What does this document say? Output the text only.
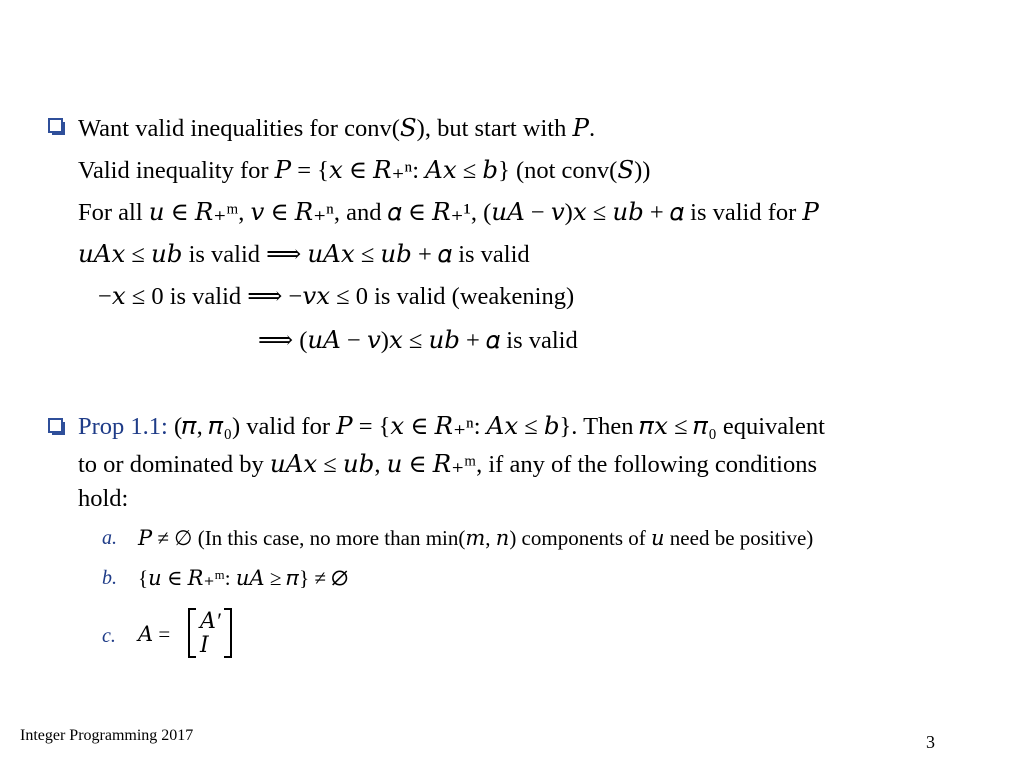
Want valid inequalities for conv(𝑆), but start with 𝑃.
Valid inequality for 𝑃 = {𝑥 ∈ 𝑅₊ⁿ: 𝐴𝑥 ≤ 𝑏} (not conv(𝑆))
For all 𝑢 ∈ 𝑅₊ᵐ, 𝑣 ∈ 𝑅₊ⁿ, and 𝛼 ∈ 𝑅₊¹, (𝑢𝐴 − 𝑣)𝑥 ≤ 𝑢𝑏 + 𝛼 is valid for 𝑃
𝑢𝐴𝑥 ≤ 𝑢𝑏 is valid ⟹ 𝑢𝐴𝑥 ≤ 𝑢𝑏 + 𝛼 is valid
−𝑥 ≤ 0 is valid ⟹ −𝑣𝑥 ≤ 0 is valid (weakening)
⟹ (𝑢𝐴 − 𝑣)𝑥 ≤ 𝑢𝑏 + 𝛼 is valid
Prop 1.1: (𝜋, 𝜋₀) valid for 𝑃 = {𝑥 ∈ 𝑅₊ⁿ: 𝐴𝑥 ≤ 𝑏}. Then 𝜋𝑥 ≤ 𝜋₀ equivalent
to or dominated by 𝑢𝐴𝑥 ≤ 𝑢𝑏, 𝑢 ∈ 𝑅₊ᵐ, if any of the following conditions
hold:
a. 𝑃 ≠ ∅ (In this case, no more than min(𝑚, 𝑛) components of 𝑢 need be positive)
b. {𝑢 ∈ 𝑅₊ᵐ: 𝑢𝐴 ≥ 𝜋} ≠ ∅
c. 𝐴 =
𝐴′
𝐼
Integer Programming 2017	3
